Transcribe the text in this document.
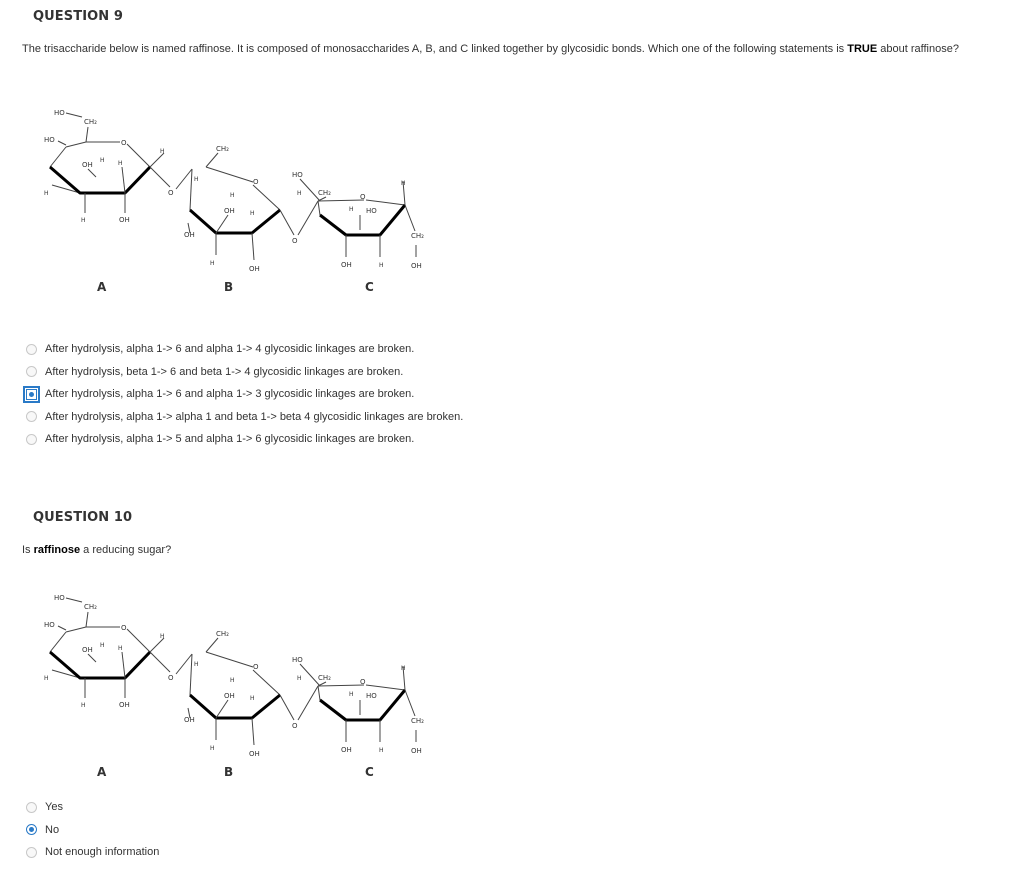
QUESTION 9
The trisaccharide below is named raffinose. It is composed of monosaccharides A, B, and C linked together by glycosidic bonds. Which one of the following statements is TRUE about raffinose?
HO
CH₂
HO	O
H
OH
H H
H	OH
H
O
A
CH₂
H	O
H
OH	H
OH
H
OH
O
B
HO
H CH₂	O
H HO
H
OH	H
CH₂
OH
C
After hydrolysis, alpha 1-> 6 and alpha 1-> 4 glycosidic linkages are broken.
After hydrolysis, beta 1-> 6 and beta 1-> 4 glycosidic linkages are broken.
After hydrolysis, alpha 1-> 6 and alpha 1-> 3 glycosidic linkages are broken.
After hydrolysis, alpha 1-> alpha 1 and beta 1-> beta 4 glycosidic linkages are broken.
After hydrolysis, alpha 1-> 5 and alpha 1-> 6 glycosidic linkages are broken.
QUESTION 10
Is raffinose a reducing sugar?
HO
CH₂
HO	O
H
OH
H H
H	OH
H
O
A
CH₂
H	O
H
OH	H
OH
H
OH
O
B
HO
H CH₂	O
H HO
H
OH	H
CH₂
OH
C
Yes
No
Not enough information
